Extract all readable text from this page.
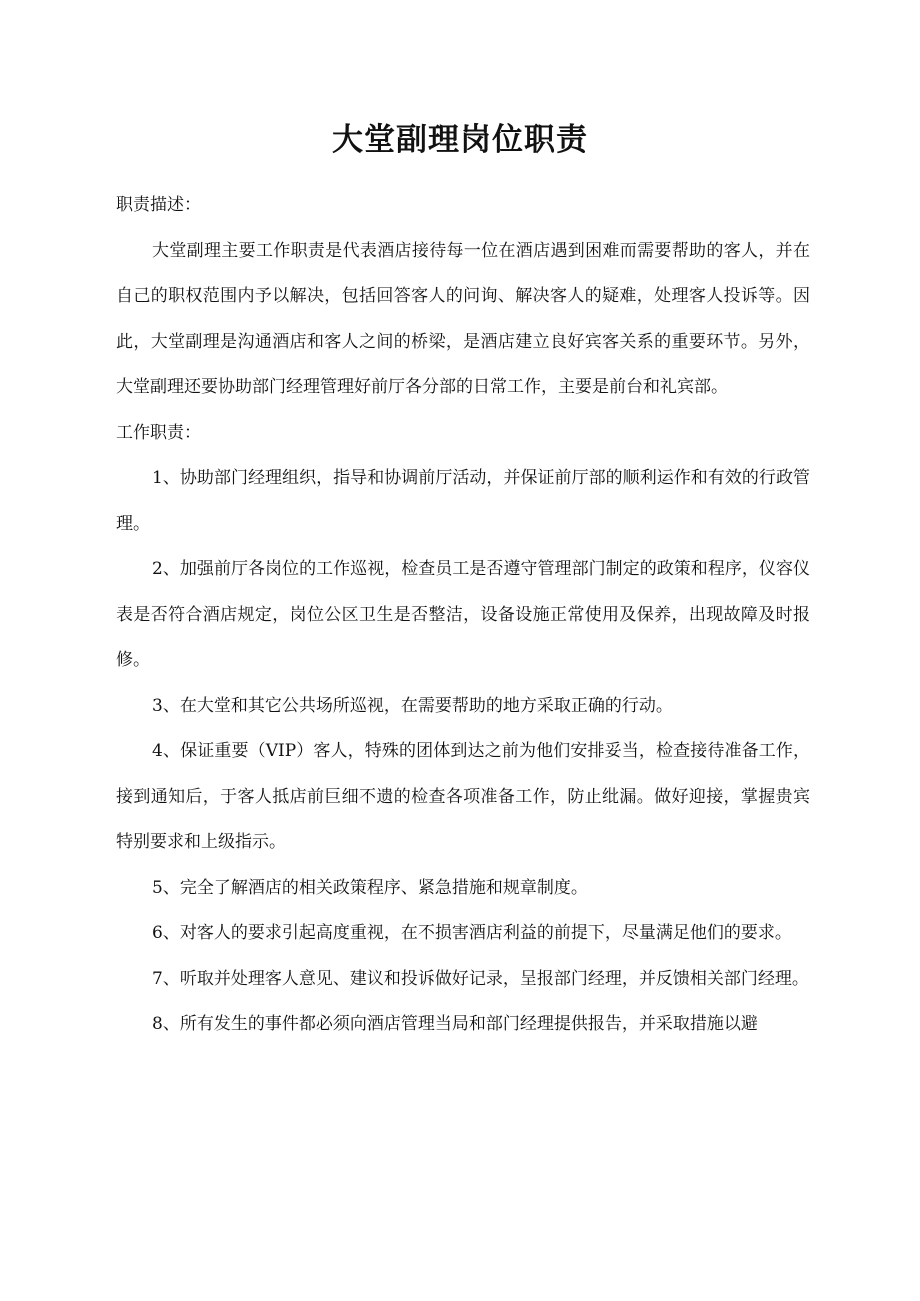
大堂副理岗位职责

职责描述：

大堂副理主要工作职责是代表酒店接待每一位在酒店遇到困难而需要帮助的客人，并在自己的职权范围内予以解决，包括回答客人的问询、解决客人的疑难，处理客人投诉等。因此，大堂副理是沟通酒店和客人之间的桥梁，是酒店建立良好宾客关系的重要环节。另外，大堂副理还要协助部门经理管理好前厅各分部的日常工作，主要是前台和礼宾部。

工作职责：

1、协助部门经理组织，指导和协调前厅活动，并保证前厅部的顺利运作和有效的行政管理。

2、加强前厅各岗位的工作巡视，检查员工是否遵守管理部门制定的政策和程序，仪容仪表是否符合酒店规定，岗位公区卫生是否整洁，设备设施正常使用及保养，出现故障及时报修。

3、在大堂和其它公共场所巡视，在需要帮助的地方采取正确的行动。

4、保证重要（VIP）客人，特殊的团体到达之前为他们安排妥当，检查接待准备工作，接到通知后，于客人抵店前巨细不遗的检查各项准备工作，防止纰漏。做好迎接，掌握贵宾特别要求和上级指示。

5、完全了解酒店的相关政策程序、紧急措施和规章制度。

6、对客人的要求引起高度重视，在不损害酒店利益的前提下，尽量满足他们的要求。

7、听取并处理客人意见、建议和投诉做好记录，呈报部门经理，并反馈相关部门经理。

8、所有发生的事件都必须向酒店管理当局和部门经理提供报告，并采取措施以避
